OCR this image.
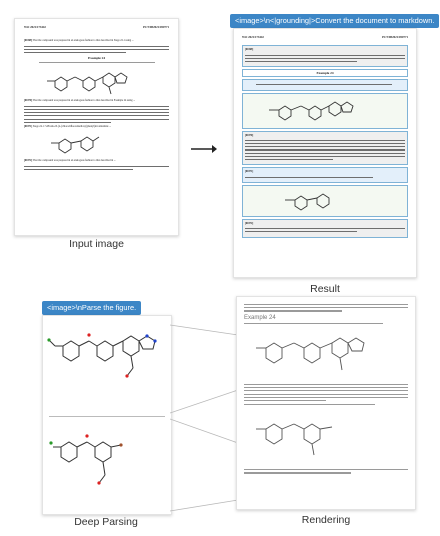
WO 2021/173442	PCT/IB2021/050771
[00369] The title compound was prepared in an analogous fashion to that described in Stage 22.1 using ...
Example 24
[00370] The title compound was prepared in an analogous fashion to that described in Example 24 using ...
[00371] Stage 24.1: 5-Bromo-N-(4-(chlorodifluoromethoxy)phenyl)nicotinamide ...
[00372] The title compound was prepared in an analogous fashion to that described in ...
Input image
<image>\n<|grounding|>Convert the document to markdown.
WO 2021/173442	PCT/IB2021/050771
[00369]
Example 24
[00370]
[00371]
[00372]
Result
<image>\nParse the figure.
Deep Parsing
Example 24
Rendering
